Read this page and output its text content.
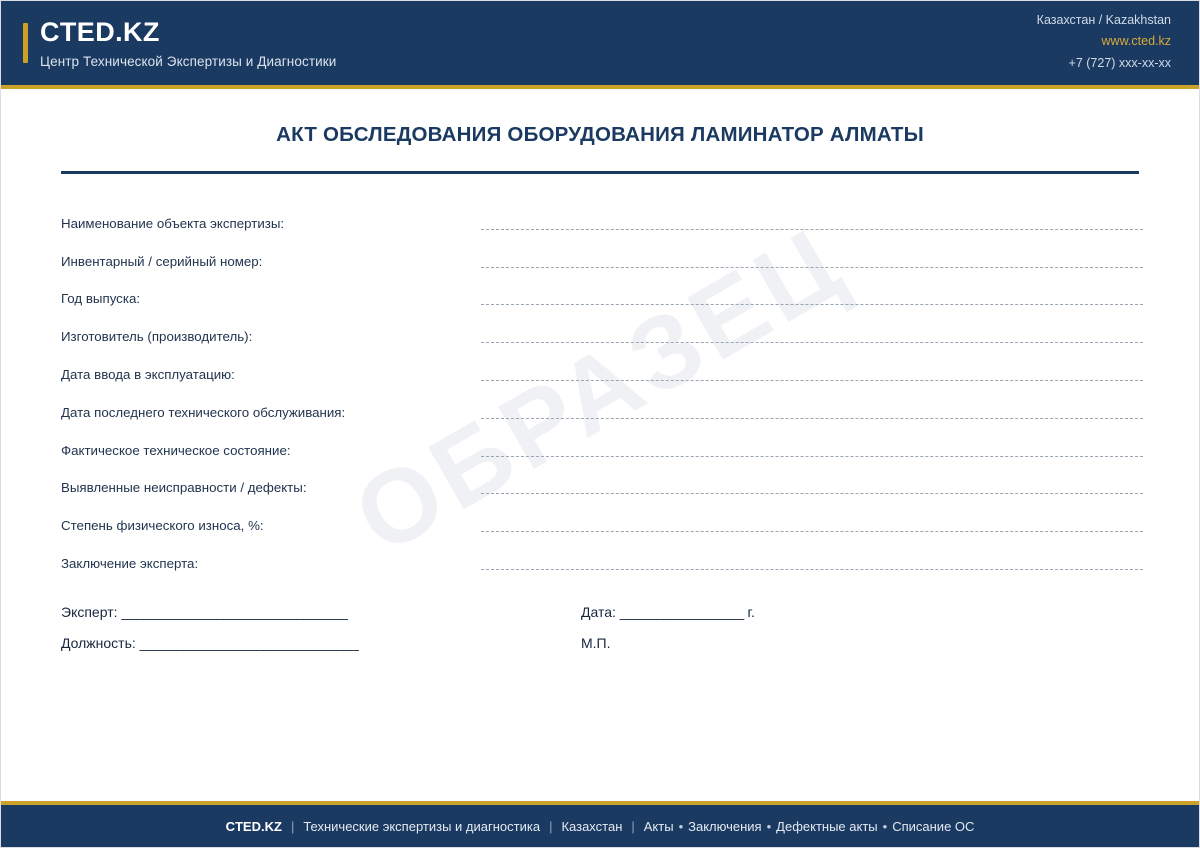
CTED.KZ
Центр Технической Экспертизы и Диагностики
Казахстан / Kazakhstan
www.cted.kz
+7 (727) xxx-xx-xx
ОБРАЗЕЦ
АКТ ОБСЛЕДОВАНИЯ ОБОРУДОВАНИЯ ЛАМИНАТОР АЛМАТЫ
Наименование объекта экспертизы:
Инвентарный / серийный номер:
Год выпуска:
Изготовитель (производитель):
Дата ввода в эксплуатацию:
Дата последнего технического обслуживания:
Фактическое техническое состояние:
Выявленные неисправности / дефекты:
Степень физического износа, %:
Заключение эксперта:
Эксперт: _______________________________	Дата: _________________ г.
Должность: ______________________________	М.П.
CTED.KZ | Технические экспертизы и диагностика | Казахстан | Акты • Заключения • Дефектные акты • Списание ОС
